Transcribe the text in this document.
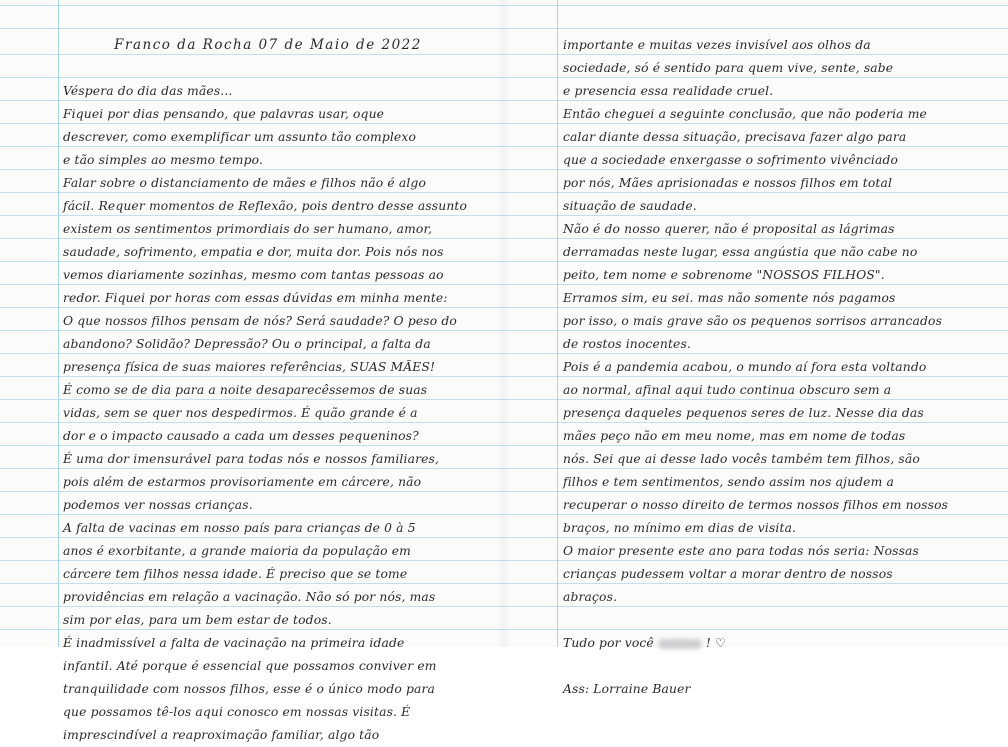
Franco da Rocha 07 de Maio de 2022
Véspera do dia das mães...
Fiquei por dias pensando, que palavras usar, oque
descrever, como exemplificar um assunto tão complexo
e tão simples ao mesmo tempo.
Falar sobre o distanciamento de mães e filhos não é algo
fácil. Requer momentos de Reflexão, pois dentro desse assunto
existem os sentimentos primordiais do ser humano, amor,
saudade, sofrimento, empatia e dor, muita dor. Pois nós nos
vemos diariamente sozinhas, mesmo com tantas pessoas ao
redor. Fiquei por horas com essas dúvidas em minha mente:
O que nossos filhos pensam de nós? Será saudade? O peso do
abandono? Solidão? Depressão? Ou o principal, a falta da
presença física de suas maiores referências, SUAS MÃES!
É como se de dia para a noite desaparecêssemos de suas
vidas, sem se quer nos despedirmos. É quão grande é a
dor e o impacto causado a cada um desses pequeninos?
É uma dor imensurável para todas nós e nossos familiares,
pois além de estarmos provisoriamente em cárcere, não
podemos ver nossas crianças.
A falta de vacinas em nosso país para crianças de 0 à 5
anos é exorbitante, a grande maioria da população em
cárcere tem filhos nessa idade. É preciso que se tome
providências em relação a vacinação. Não só por nós, mas
sim por elas, para um bem estar de todos.
É inadmissível a falta de vacinação na primeira idade
infantil. Até porque é essencial que possamos conviver em
tranquilidade com nossos filhos, esse é o único modo para
que possamos tê-los aqui conosco em nossas visitas. É
imprescindível a reaproximação familiar, algo tão
importante e muitas vezes invisível aos olhos da
sociedade, só é sentido para quem vive, sente, sabe
e presencia essa realidade cruel.
Então cheguei a seguinte conclusão, que não poderia me
calar diante dessa situação, precisava fazer algo para
que a sociedade enxergasse o sofrimento vivênciado
por nós, Mães aprisionadas e nossos filhos em total
situação de saudade.
Não é do nosso querer, não é proposital as lágrimas
derramadas neste lugar, essa angústia que não cabe no
peito, tem nome e sobrenome "NOSSOS FILHOS".
Erramos sim, eu sei. mas não somente nós pagamos
por isso, o mais grave são os pequenos sorrisos arrancados
de rostos inocentes.
Pois é a pandemia acabou, o mundo aí fora esta voltando
ao normal, afinal aqui tudo continua obscuro sem a
presença daqueles pequenos seres de luz. Nesse dia das
mães peço não em meu nome, mas em nome de todas
nós. Sei que ai desse lado vocês também tem filhos, são
filhos e tem sentimentos, sendo assim nos ajudem a
recuperar o nosso direito de termos nossos filhos em nossos
braços, no mínimo em dias de visita.
O maior presente este ano para todas nós seria: Nossas
crianças pudessem voltar a morar dentro de nossos
abraços.
Tudo por você	! ♡
Ass: Lorraine Bauer
